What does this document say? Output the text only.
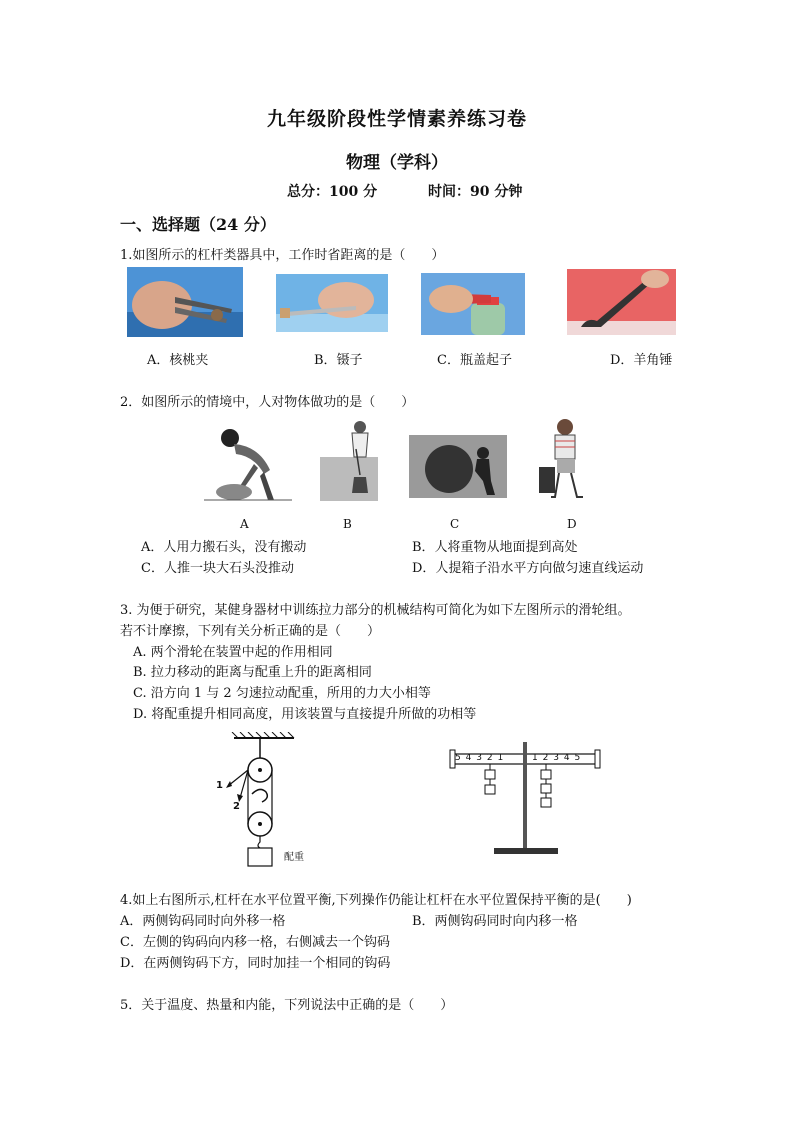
九年级阶段性学情素养练习卷
物理（学科）
总分：100 分	时间：90 分钟
一、选择题（24 分）
1.如图所示的杠杆类器具中，工作时省距离的是（　　）
A．核桃夹	B．镊子	C．瓶盖起子	D．羊角锤
2．如图所示的情境中，人对物体做功的是（　　）
A	B	C	D
A．人用力搬石头，没有搬动	B．人将重物从地面提到高处
C．人推一块大石头没推动	D．人提箱子沿水平方向做匀速直线运动
3. 为便于研究，某健身器材中训练拉力部分的机械结构可简化为如下左图所示的滑轮组。
若不计摩擦，下列有关分析正确的是（　　）
A. 两个滑轮在装置中起的作用相同
B. 拉力移动的距离与配重上升的距离相同
C. 沿方向 1 与 2 匀速拉动配重，所用的力大小相等
D. 将配重提升相同高度，用该装置与直接提升所做的功相等
1
2
配重
5 4 3 2 1	1 2 3 4 5
4.如上右图所示,杠杆在水平位置平衡,下列操作仍能让杠杆在水平位置保持平衡的是(　　)
A．两侧钩码同时向外移一格	B．两侧钩码同时向内移一格
C．左侧的钩码向内移一格，右侧减去一个钩码
D．在两侧钩码下方，同时加挂一个相同的钩码
5．关于温度、热量和内能，下列说法中正确的是（　　）
